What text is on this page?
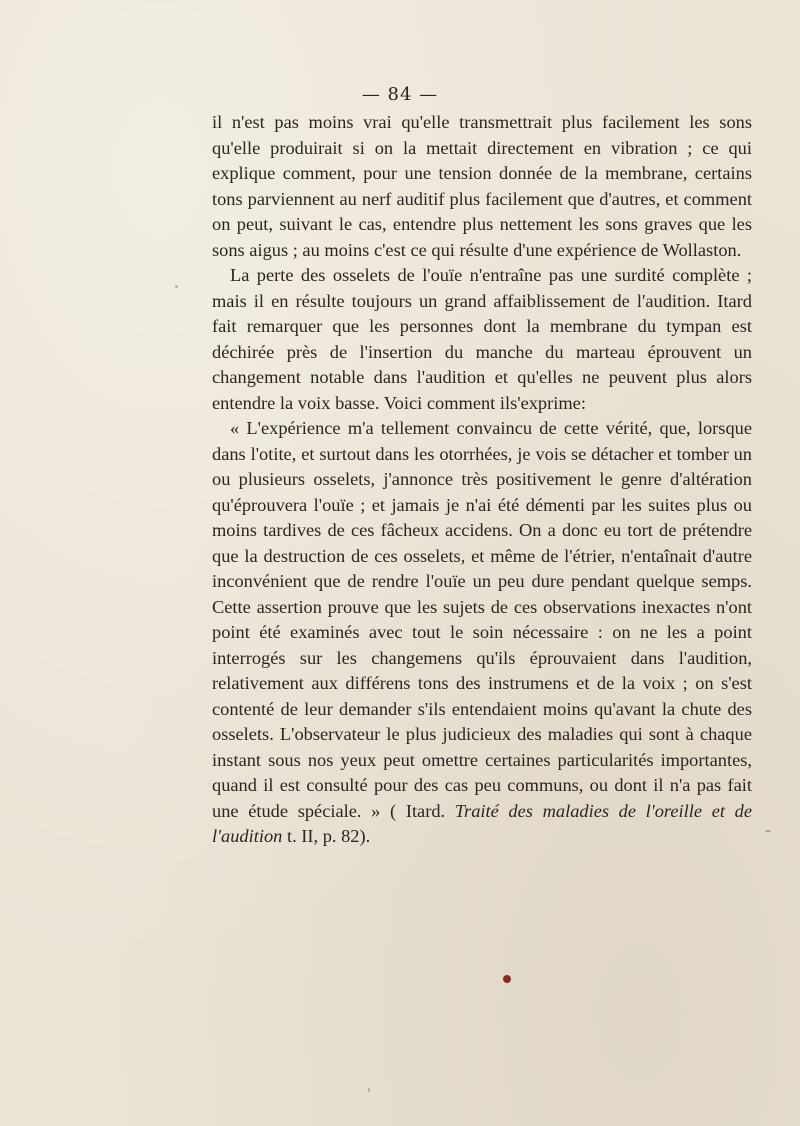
— 84 —

il n'est pas moins vrai qu'elle transmettrait plus facilement les sons qu'elle produirait si on la mettait directement en vibration ; ce qui explique comment, pour une tension donnée de la membrane, certains tons parviennent au nerf auditif plus facilement que d'autres, et comment on peut, suivant le cas, entendre plus nettement les sons graves que les sons aigus ; au moins c'est ce qui résulte d'une expérience de Wollaston.

La perte des osselets de l'ouïe n'entraîne pas une surdité complète ; mais il en résulte toujours un grand affaiblissement de l'audition. Itard fait remarquer que les personnes dont la membrane du tympan est déchirée près de l'insertion du manche du marteau éprouvent un changement notable dans l'audition et qu'elles ne peuvent plus alors entendre la voix basse. Voici comment ils'exprime:

« L'expérience m'a tellement convaincu de cette vérité, que, lorsque dans l'otite, et surtout dans les otorrhées, je vois se détacher et tomber un ou plusieurs osselets, j'annonce très positivement le genre d'altération qu'éprouvera l'ouïe ; et jamais je n'ai été démenti par les suites plus ou moins tardives de ces fâcheux accidens. On a donc eu tort de prétendre que la destruction de ces osselets, et même de l'étrier, n'entaînait d'autre inconvénient que de rendre l'ouïe un peu dure pendant quelque semps. Cette assertion prouve que les sujets de ces observations inexactes n'ont point été examinés avec tout le soin nécessaire : on ne les a point interrogés sur les changemens qu'ils éprouvaient dans l'audition, relativement aux différens tons des instrumens et de la voix ; on s'est contenté de leur demander s'ils entendaient moins qu'avant la chute des osselets. L'observateur le plus judicieux des maladies qui sont à chaque instant sous nos yeux peut omettre certaines particularités importantes, quand il est consulté pour des cas peu communs, ou dont il n'a pas fait une étude spéciale. » ( Itard. Traité des maladies de l'oreille et de l'audition t. II, p. 82).
